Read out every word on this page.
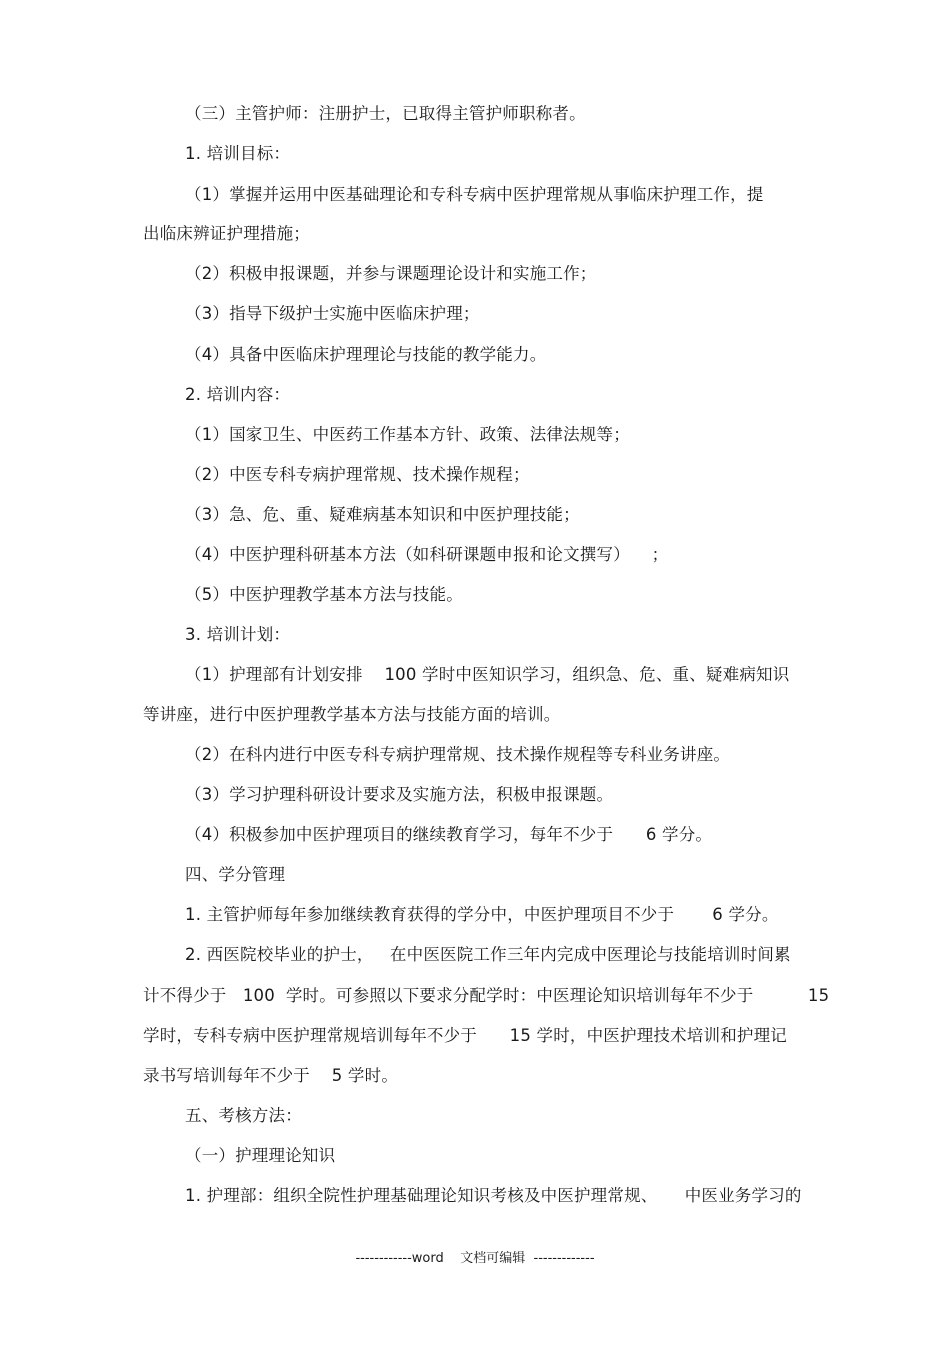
（三）主管护师：注册护士，已取得主管护师职称者。
1. 培训目标：
（1）掌握并运用中医基础理论和专科专病中医护理常规从事临床护理工作，提
出临床辨证护理措施；
（2）积极申报课题，并参与课题理论设计和实施工作；
（3）指导下级护士实施中医临床护理；
（4）具备中医临床护理理论与技能的教学能力。
2. 培训内容：
（1）国家卫生、中医药工作基本方针、政策、法律法规等；
（2）中医专科专病护理常规、技术操作规程；
（3）急、危、重、疑难病基本知识和中医护理技能；
（4）中医护理科研基本方法（如科研课题申报和论文撰写）    ；
（5）中医护理教学基本方法与技能。
3. 培训计划：
（1）护理部有计划安排    100 学时中医知识学习，组织急、危、重、疑难病知识
等讲座，进行中医护理教学基本方法与技能方面的培训。
（2）在科内进行中医专科专病护理常规、技术操作规程等专科业务讲座。
（3）学习护理科研设计要求及实施方法，积极申报课题。
（4）积极参加中医护理项目的继续教育学习，每年不少于      6 学分。
四、学分管理
1. 主管护师每年参加继续教育获得的学分中，中医护理项目不少于       6 学分。
2. 西医院校毕业的护士，   在中医医院工作三年内完成中医理论与技能培训时间累
计不得少于   100  学时。可参照以下要求分配学时：中医理论知识培训每年不少于          15
学时，专科专病中医护理常规培训每年不少于      15 学时，中医护理技术培训和护理记
录书写培训每年不少于    5 学时。
五、考核方法：
（一）护理理论知识
1. 护理部：组织全院性护理基础理论知识考核及中医护理常规、     中医业务学习的
------------word    文档可编辑  -------------
